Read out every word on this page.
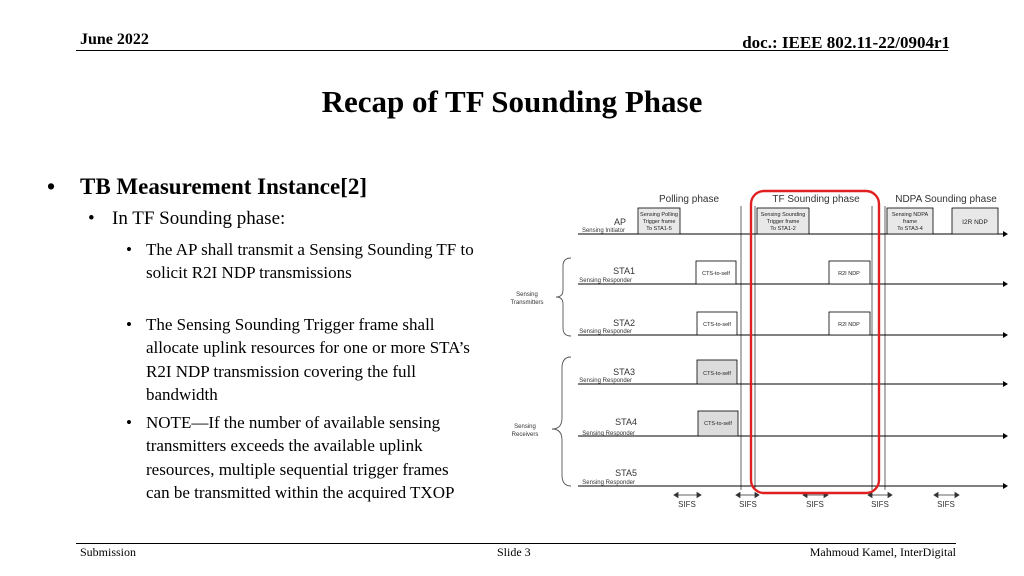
June 2022	doc.: IEEE 802.11-22/0904r1
Recap of TF Sounding Phase
• TB Measurement Instance[2]
• In TF Sounding phase:
• The AP shall transmit a Sensing Sounding TF to solicit R2I NDP transmissions
• The Sensing Sounding Trigger frame shall allocate uplink resources for one or more STA’s R2I NDP transmission covering the full bandwidth
• NOTE—If the number of available sensing transmitters exceeds the available uplink resources, multiple sequential trigger frames can be transmitted within the acquired TXOP
Polling phase	TF Sounding phase	NDPA Sounding phase
AP
Sensing Initiator
Sensing Polling
Trigger frame
To STA1-5
Sensing Sounding
Trigger frame
To STA1-2
Sensing NDPA
frame
To STA3-4
I2R NDP
STA1
Sensing Responder
CTS-to-self	R2I NDP
STA2
Sensing Responder
CTS-to-self	R2I NDP
STA3
Sensing Responder
CTS-to-self
STA4
Sensing Responder
CTS-to-self
STA5
Sensing Responder
Sensing
Transmitters
Sensing
Receivers
SIFS	SIFS	SIFS	SIFS	SIFS
Submission	Slide 3	Mahmoud Kamel, InterDigital
